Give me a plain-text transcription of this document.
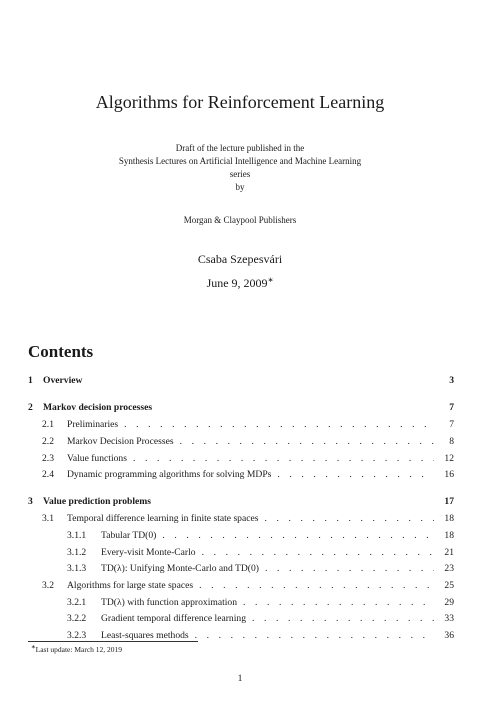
Algorithms for Reinforcement Learning
Draft of the lecture published in the
Synthesis Lectures on Artificial Intelligence and Machine Learning
series
by
Morgan & Claypool Publishers
Csaba Szepesvári
June 9, 2009∗
Contents
1	Overview	3
2	Markov decision processes	7
2.1	Preliminaries . . .	7
2.2	Markov Decision Processes . . .	8
2.3	Value functions . . .	12
2.4	Dynamic programming algorithms for solving MDPs . . .	16
3	Value prediction problems	17
3.1	Temporal difference learning in finite state spaces . . .	18
3.1.1	Tabular TD(0) . . .	18
3.1.2	Every-visit Monte-Carlo . . .	21
3.1.3	TD(λ): Unifying Monte-Carlo and TD(0) . . .	23
3.2	Algorithms for large state spaces . . .	25
3.2.1	TD(λ) with function approximation . . .	29
3.2.2	Gradient temporal difference learning . . .	33
3.2.3	Least-squares methods . . .	36
∗Last update: March 12, 2019
1
